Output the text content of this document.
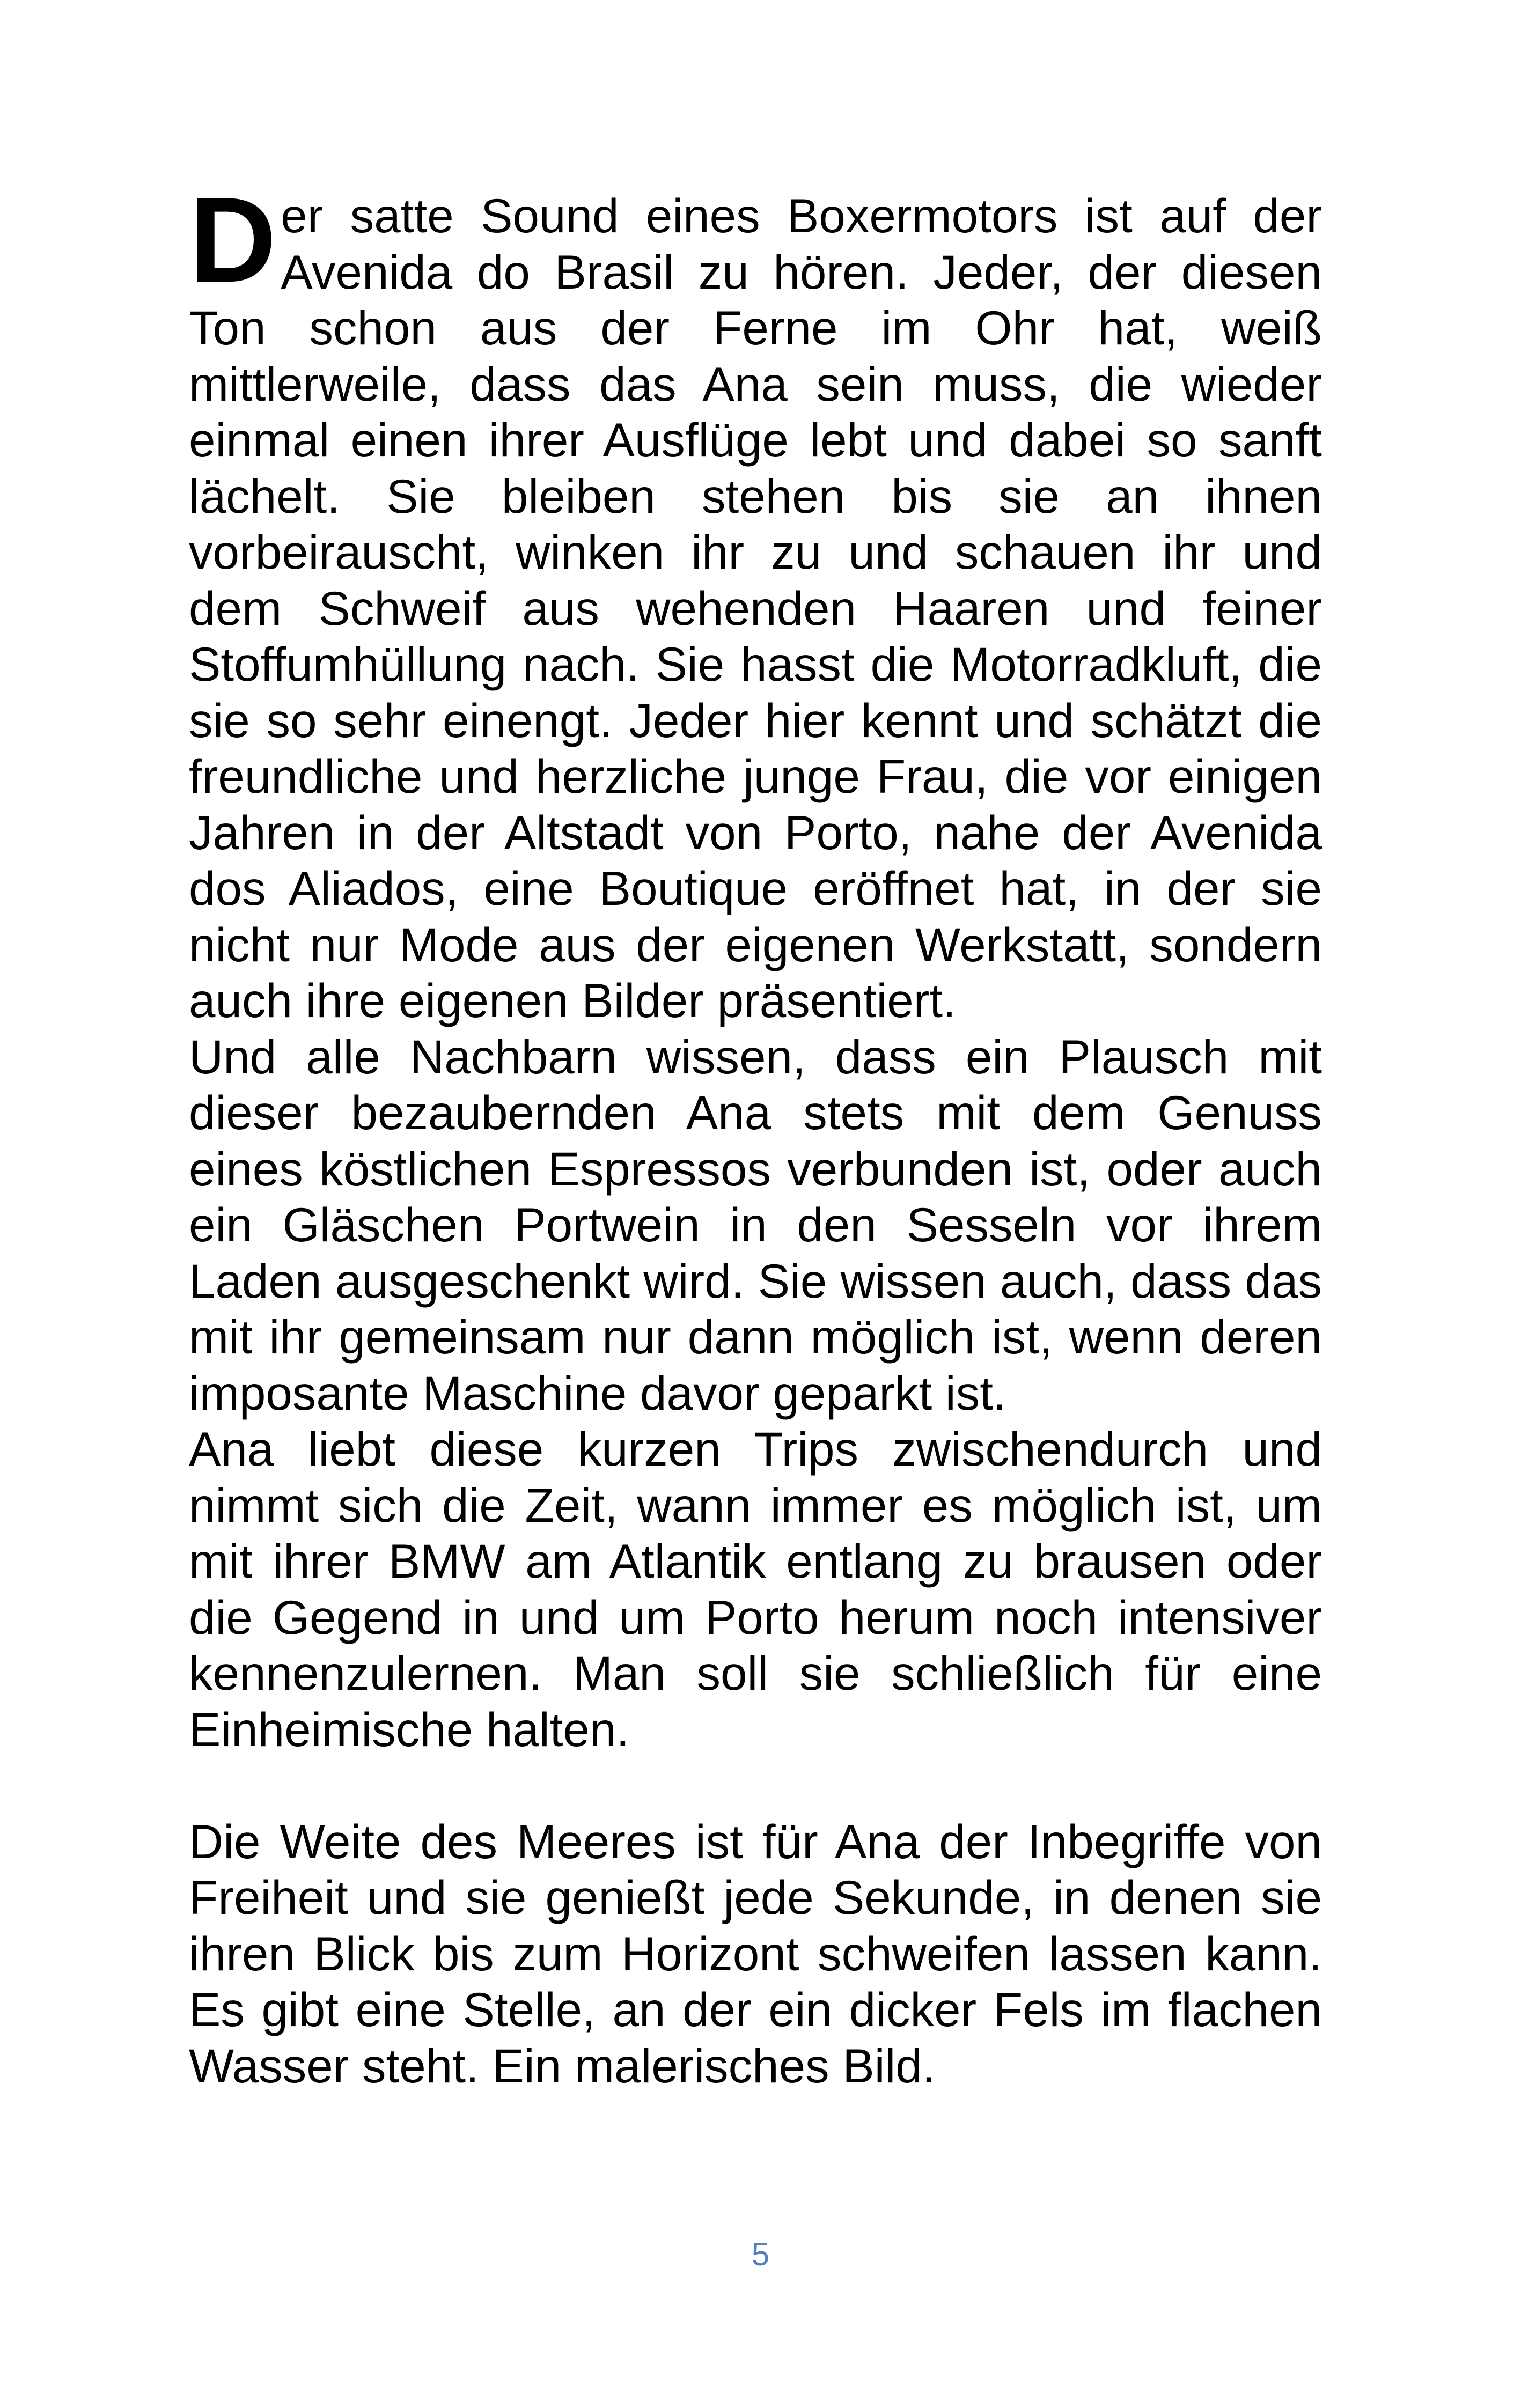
Der satte Sound eines Boxermotors ist auf der Avenida do Brasil zu hören. Jeder, der diesen Ton schon aus der Ferne im Ohr hat, weiß mittlerweile, dass das Ana sein muss, die wieder einmal einen ihrer Ausflüge lebt und dabei so sanft lächelt. Sie bleiben stehen bis sie an ihnen vorbeirauscht, winken ihr zu und schauen ihr und dem Schweif aus wehenden Haaren und feiner Stoffumhüllung nach. Sie hasst die Motorradkluft, die sie so sehr einengt. Jeder hier kennt und schätzt die freundliche und herzliche junge Frau, die vor einigen Jahren in der Altstadt von Porto, nahe der Avenida dos Aliados, eine Boutique eröffnet hat, in der sie nicht nur Mode aus der eigenen Werkstatt, sondern auch ihre eigenen Bilder präsentiert.

Und alle Nachbarn wissen, dass ein Plausch mit dieser bezaubernden Ana stets mit dem Genuss eines köstlichen Espressos verbunden ist, oder auch ein Gläschen Portwein in den Sesseln vor ihrem Laden ausgeschenkt wird. Sie wissen auch, dass das mit ihr gemeinsam nur dann möglich ist, wenn deren imposante Maschine davor geparkt ist.

Ana liebt diese kurzen Trips zwischendurch und nimmt sich die Zeit, wann immer es möglich ist, um mit ihrer BMW am Atlantik entlang zu brausen oder die Gegend in und um Porto herum noch intensiver kennenzulernen. Man soll sie schließlich für eine Einheimische halten.

Die Weite des Meeres ist für Ana der Inbegriffe von Freiheit und sie genießt jede Sekunde, in denen sie ihren Blick bis zum Horizont schweifen lassen kann. Es gibt eine Stelle, an der ein dicker Fels im flachen Wasser steht. Ein malerisches Bild.

5
